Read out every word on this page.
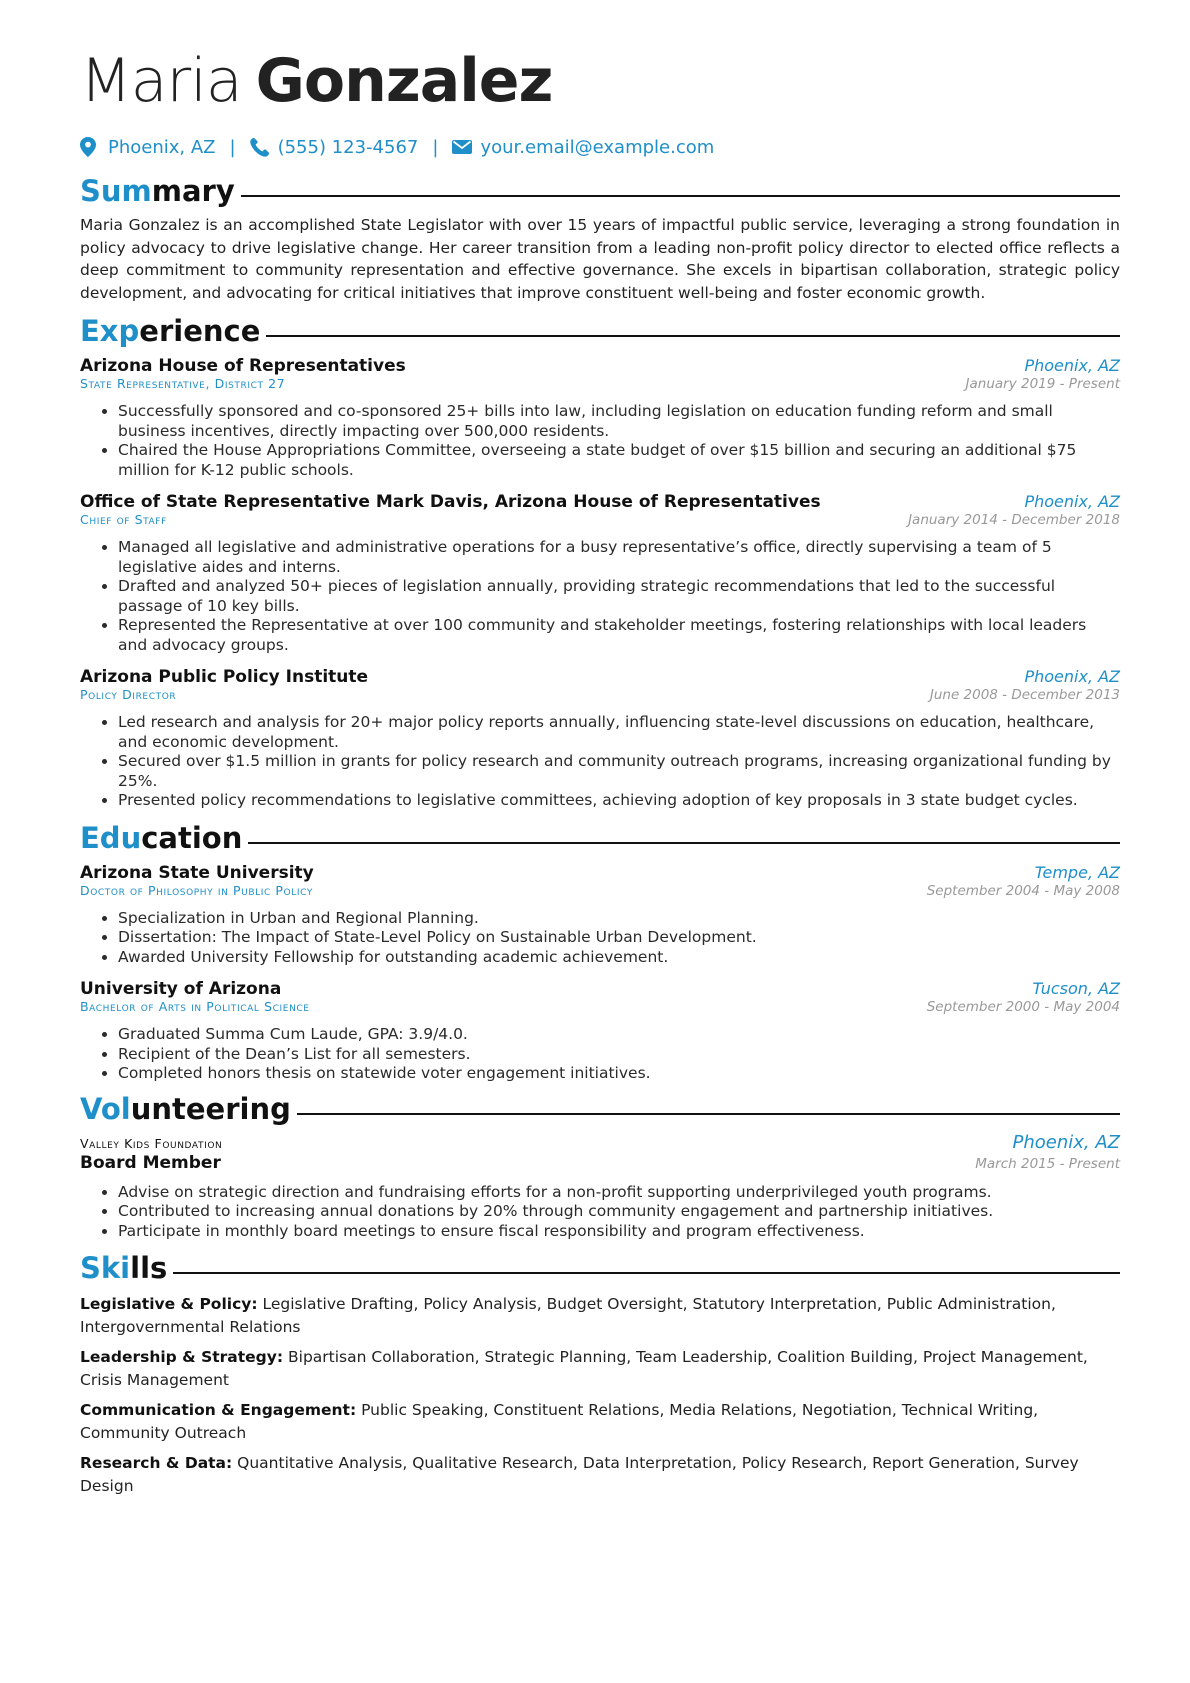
Maria Gonzalez
Phoenix, AZ | (555) 123-4567 | your.email@example.com
Summary

Maria Gonzalez is an accomplished State Legislator with over 15 years of impactful public service, leveraging a strong foundation in policy advocacy to drive legislative change. Her career transition from a leading non-profit policy director to elected office reflects a deep commitment to community representation and effective governance. She excels in bipartisan collaboration, strategic policy development, and advocating for critical initiatives that improve constituent well-being and foster economic growth.

Experience
Arizona House of Representatives	Phoenix, AZ
State Representative, District 27	January 2019 - Present
• Successfully sponsored and co-sponsored 25+ bills into law, including legislation on education funding reform and small business incentives, directly impacting over 500,000 residents.
• Chaired the House Appropriations Committee, overseeing a state budget of over $15 billion and securing an additional $75 million for K-12 public schools.
Office of State Representative Mark Davis, Arizona House of Representatives	Phoenix, AZ
Chief of Staff	January 2014 - December 2018
• Managed all legislative and administrative operations for a busy representative’s office, directly supervising a team of 5 legislative aides and interns.
• Drafted and analyzed 50+ pieces of legislation annually, providing strategic recommendations that led to the successful passage of 10 key bills.
• Represented the Representative at over 100 community and stakeholder meetings, fostering relationships with local leaders and advocacy groups.
Arizona Public Policy Institute	Phoenix, AZ
Policy Director	June 2008 - December 2013
• Led research and analysis for 20+ major policy reports annually, influencing state-level discussions on education, healthcare, and economic development.
• Secured over $1.5 million in grants for policy research and community outreach programs, increasing organizational funding by 25%.
• Presented policy recommendations to legislative committees, achieving adoption of key proposals in 3 state budget cycles.
Education
Arizona State University	Tempe, AZ
Doctor of Philosophy in Public Policy	September 2004 - May 2008
• Specialization in Urban and Regional Planning.
• Dissertation: The Impact of State-Level Policy on Sustainable Urban Development.
• Awarded University Fellowship for outstanding academic achievement.
University of Arizona	Tucson, AZ
Bachelor of Arts in Political Science	September 2000 - May 2004
• Graduated Summa Cum Laude, GPA: 3.9/4.0.
• Recipient of the Dean’s List for all semesters.
• Completed honors thesis on statewide voter engagement initiatives.
Volunteering
Valley Kids Foundation	Phoenix, AZ
Board Member	March 2015 - Present
• Advise on strategic direction and fundraising efforts for a non-profit supporting underprivileged youth programs.
• Contributed to increasing annual donations by 20% through community engagement and partnership initiatives.
• Participate in monthly board meetings to ensure fiscal responsibility and program effectiveness.
Skills

Legislative & Policy: Legislative Drafting, Policy Analysis, Budget Oversight, Statutory Interpretation, Public Administration, Intergovernmental Relations

Leadership & Strategy: Bipartisan Collaboration, Strategic Planning, Team Leadership, Coalition Building, Project Management, Crisis Management

Communication & Engagement: Public Speaking, Constituent Relations, Media Relations, Negotiation, Technical Writing, Community Outreach

Research & Data: Quantitative Analysis, Qualitative Research, Data Interpretation, Policy Research, Report Generation, Survey Design
